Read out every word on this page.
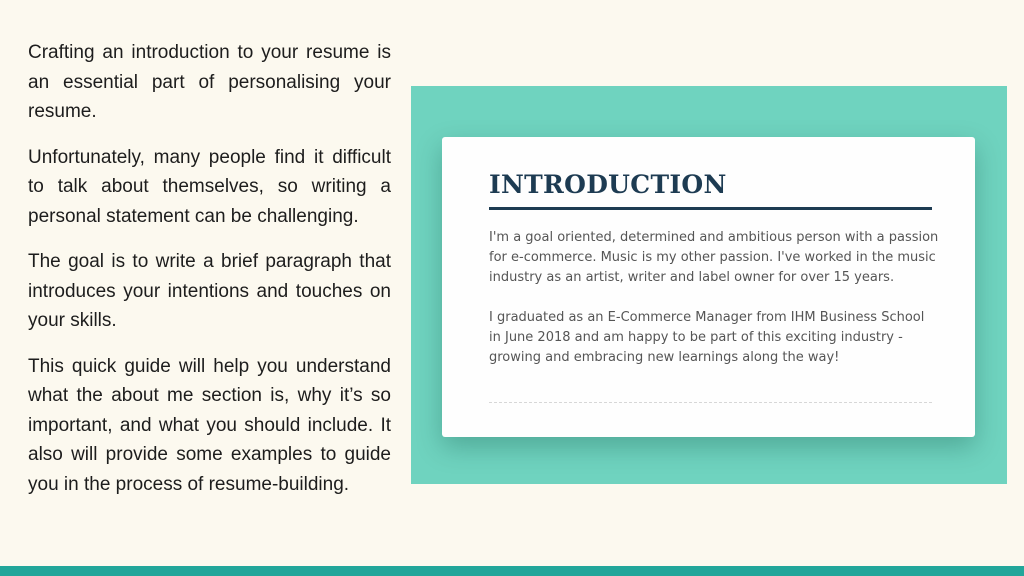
Crafting an introduction to your resume is an essential part of personalising your resume.

Unfortunately, many people find it difficult to talk about themselves, so writing a personal statement can be challenging.

The goal is to write a brief paragraph that introduces your intentions and touches on your skills.

This quick guide will help you understand what the about me section is, why it’s so important, and what you should include. It also will provide some examples to guide you in the process of resume-building.

INTRODUCTION

I'm a goal oriented, determined and ambitious person with a passion for e-commerce. Music is my other passion. I've worked in the music industry as an artist, writer and label owner for over 15 years.

I graduated as an E-Commerce Manager from IHM Business School in June 2018 and am happy to be part of this exciting industry - growing and embracing new learnings along the way!
